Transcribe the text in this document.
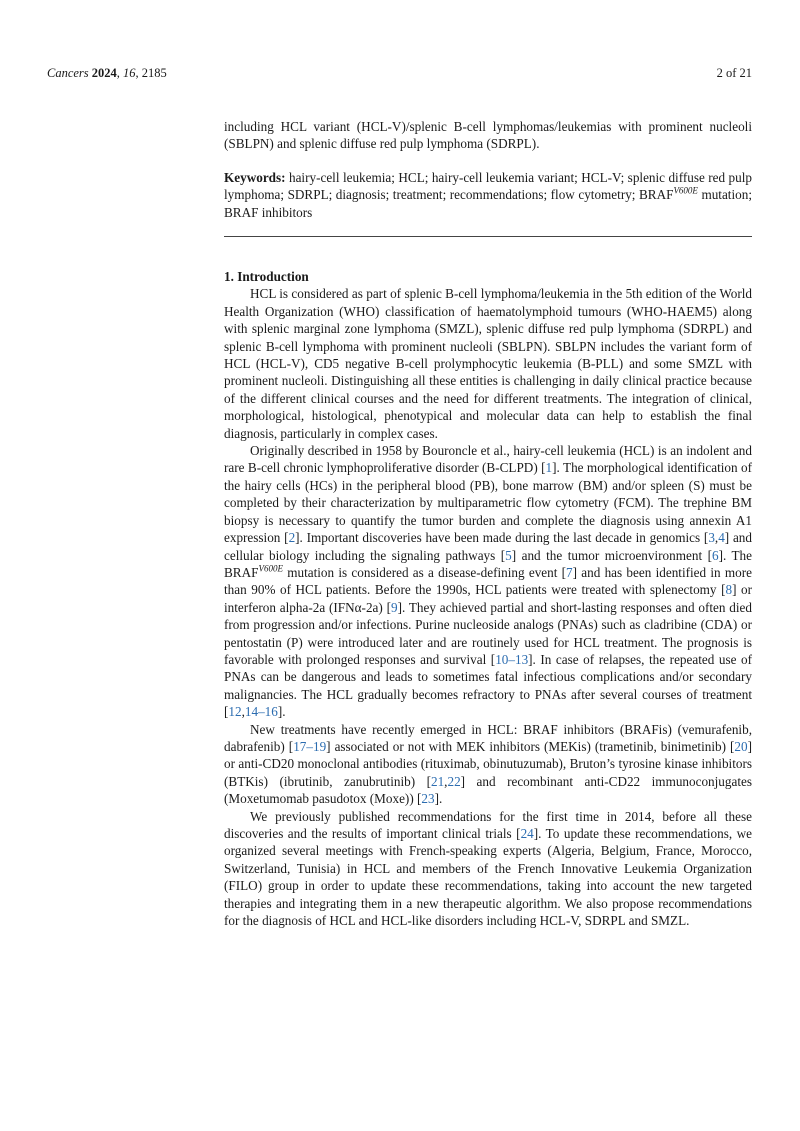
Cancers 2024, 16, 2185	2 of 21

including HCL variant (HCL-V)/splenic B-cell lymphomas/leukemias with prominent nucleoli (SBLPN) and splenic diffuse red pulp lymphoma (SDRPL).

Keywords: hairy-cell leukemia; HCL; hairy-cell leukemia variant; HCL-V; splenic diffuse red pulp lymphoma; SDRPL; diagnosis; treatment; recommendations; flow cytometry; $BRAF^{V600E}$ mutation; BRAF inhibitors

1. Introduction

HCL is considered as part of splenic B-cell lymphoma/leukemia in the 5th edition of the World Health Organization (WHO) classification of haematolymphoid tumours (WHO-HAEM5) along with splenic marginal zone lymphoma (SMZL), splenic diffuse red pulp lymphoma (SDRPL) and splenic B-cell lymphoma with prominent nucleoli (SBLPN). SBLPN includes the variant form of HCL (HCL-V), CD5 negative B-cell prolymphocytic leukemia (B-PLL) and some SMZL with prominent nucleoli. Distinguishing all these entities is challenging in daily clinical practice because of the different clinical courses and the need for different treatments. The integration of clinical, morphological, histological, phenotypical and molecular data can help to establish the final diagnosis, particularly in complex cases.

Originally described in 1958 by Bouroncle et al., hairy-cell leukemia (HCL) is an indolent and rare B-cell chronic lymphoproliferative disorder (B-CLPD) [1]. The morphological identification of the hairy cells (HCs) in the peripheral blood (PB), bone marrow (BM) and/or spleen (S) must be completed by their characterization by multiparametric flow cytometry (FCM). The trephine BM biopsy is necessary to quantify the tumor burden and complete the diagnosis using annexin A1 expression [2]. Important discoveries have been made during the last decade in genomics [3,4] and cellular biology including the signaling pathways [5] and the tumor microenvironment [6]. The $BRAF^{V600E}$ mutation is considered as a disease-defining event [7] and has been identified in more than 90% of HCL patients. Before the 1990s, HCL patients were treated with splenectomy [8] or interferon alpha-2a (IFNα-2a) [9]. They achieved partial and short-lasting responses and often died from progression and/or infections. Purine nucleoside analogs (PNAs) such as cladribine (CDA) or pentostatin (P) were introduced later and are routinely used for HCL treatment. The prognosis is favorable with prolonged responses and survival [10–13]. In case of relapses, the repeated use of PNAs can be dangerous and leads to sometimes fatal infectious complications and/or secondary malignancies. The HCL gradually becomes refractory to PNAs after several courses of treatment [12,14–16].

New treatments have recently emerged in HCL: BRAF inhibitors (BRAFis) (vemurafenib, dabrafenib) [17–19] associated or not with MEK inhibitors (MEKis) (trametinib, binimetinib) [20] or anti-CD20 monoclonal antibodies (rituximab, obinutuzumab), Bruton’s tyrosine kinase inhibitors (BTKis) (ibrutinib, zanubrutinib) [21,22] and recombinant anti-CD22 immunoconjugates (Moxetumomab pasudotox (Moxe)) [23].

We previously published recommendations for the first time in 2014, before all these discoveries and the results of important clinical trials [24]. To update these recommendations, we organized several meetings with French-speaking experts (Algeria, Belgium, France, Morocco, Switzerland, Tunisia) in HCL and members of the French Innovative Leukemia Organization (FILO) group in order to update these recommendations, taking into account the new targeted therapies and integrating them in a new therapeutic algorithm. We also propose recommendations for the diagnosis of HCL and HCL-like disorders including HCL-V, SDRPL and SMZL.
